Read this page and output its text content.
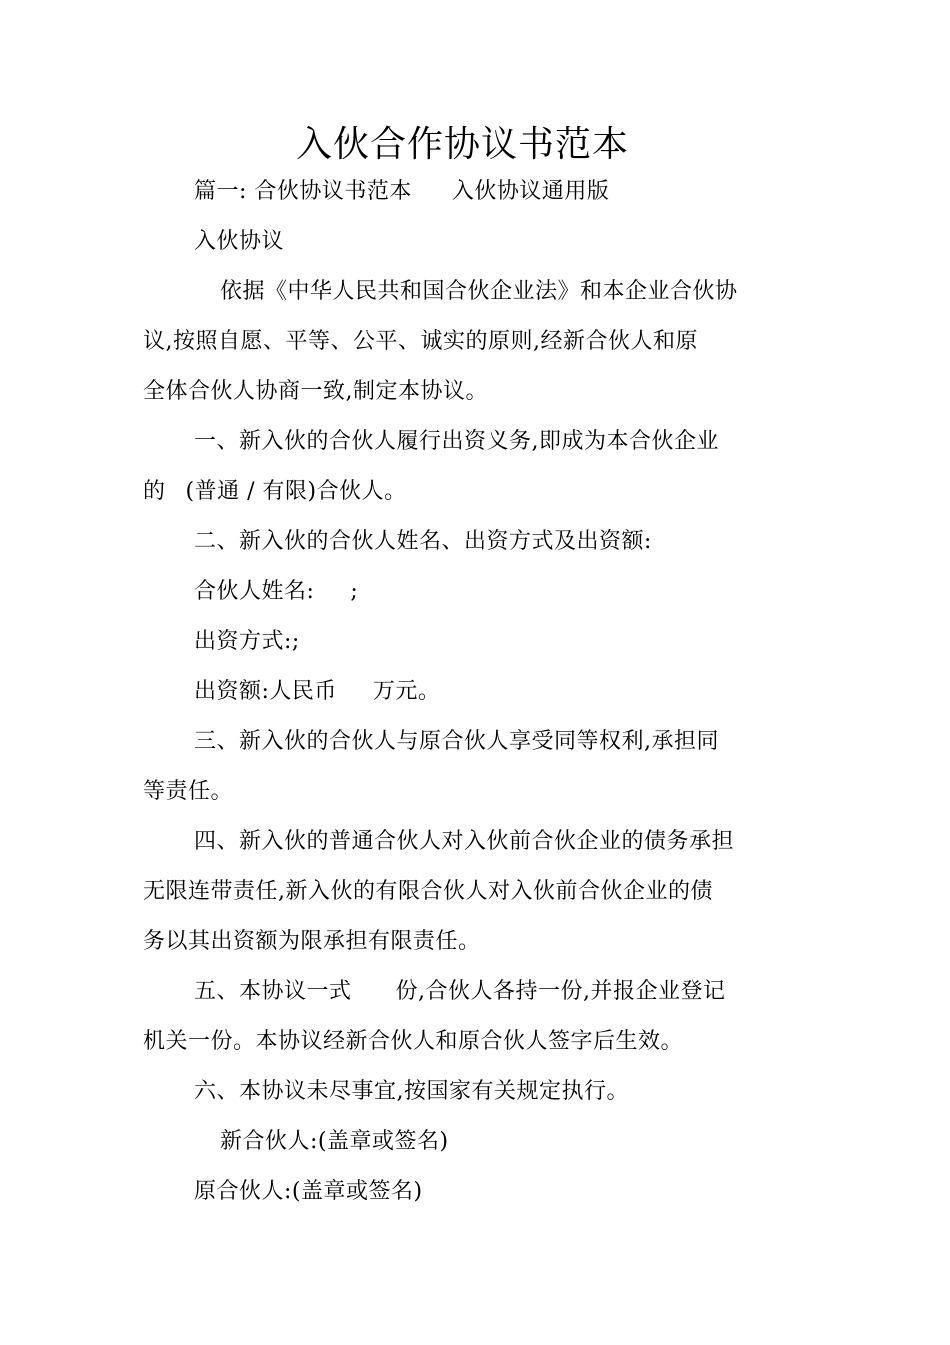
入伙合作协议书范本
篇一: 合伙协议书范本 入伙协议通用版
入伙协议
依据《中华人民共和国合伙企业法》和本企业合伙协
议,按照自愿、平等、公平、诚实的原则,经新合伙人和原
全体合伙人协商一致,制定本协议。
一、新入伙的合伙人履行出资义务,即成为本合伙企业
的 (普通 / 有限)合伙人。
二、新入伙的合伙人姓名、出资方式及出资额:
合伙人姓名: ;
出资方式:;
出资额:人民币 万元。
三、新入伙的合伙人与原合伙人享受同等权利,承担同
等责任。
四、新入伙的普通合伙人对入伙前合伙企业的债务承担
无限连带责任,新入伙的有限合伙人对入伙前合伙企业的债
务以其出资额为限承担有限责任。
五、本协议一式 份,合伙人各持一份,并报企业登记
机关一份。本协议经新合伙人和原合伙人签字后生效。
六、本协议未尽事宜,按国家有关规定执行。
新合伙人:(盖章或签名)
原合伙人:(盖章或签名)
